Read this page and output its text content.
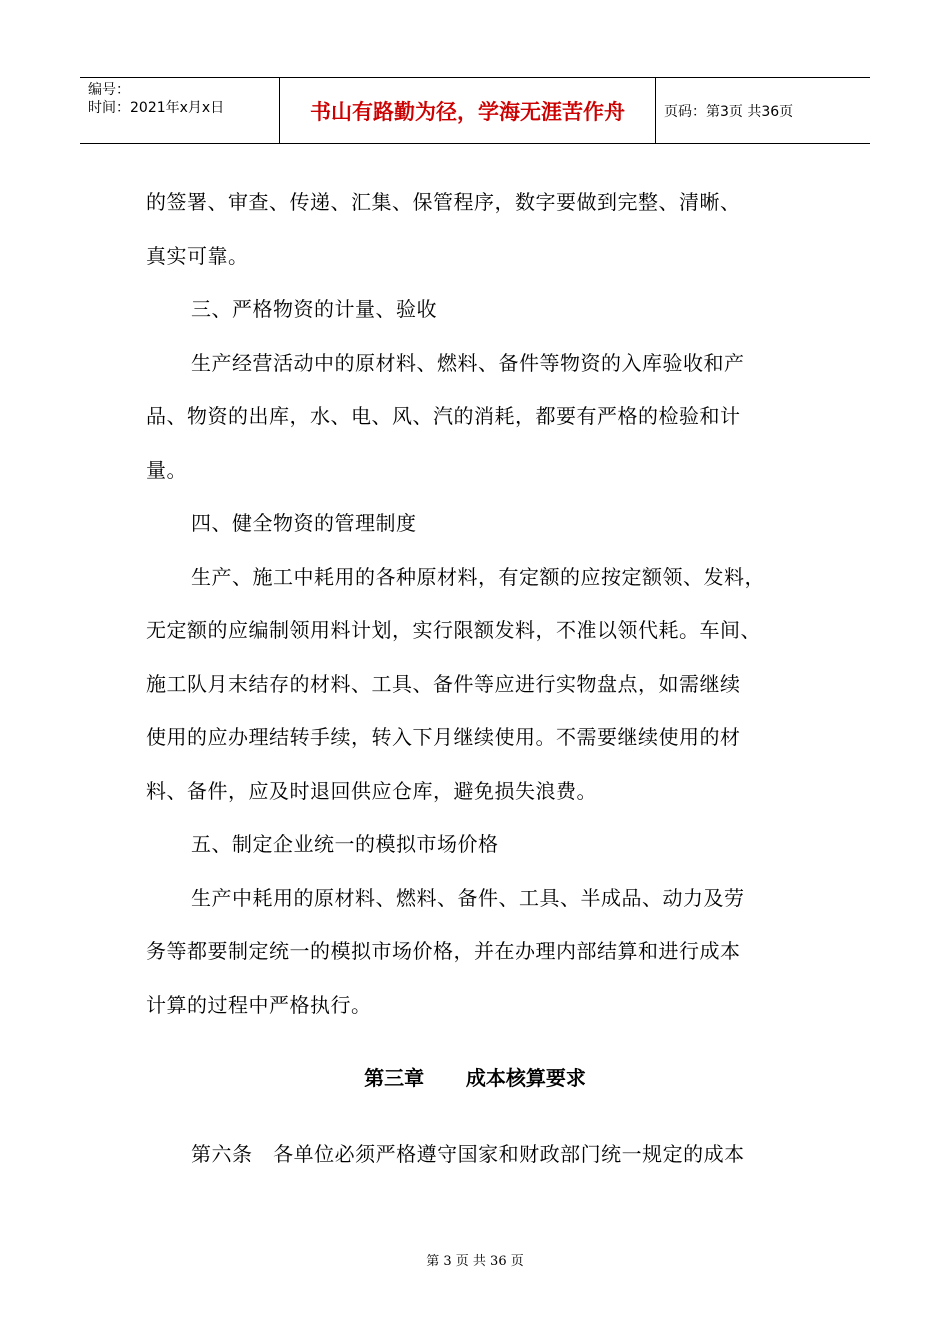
编号：
时间：2021年x月x日	书山有路勤为径，学海无涯苦作舟	页码：第3页 共36页
的签署、审查、传递、汇集、保管程序，数字要做到完整、清晰、
真实可靠。
三、严格物资的计量、验收
生产经营活动中的原材料、燃料、备件等物资的入库验收和产
品、物资的出库，水、电、风、汽的消耗，都要有严格的检验和计
量。
四、健全物资的管理制度
生产、施工中耗用的各种原材料，有定额的应按定额领、发料，
无定额的应编制领用料计划，实行限额发料，不准以领代耗。车间、
施工队月末结存的材料、工具、备件等应进行实物盘点，如需继续
使用的应办理结转手续，转入下月继续使用。不需要继续使用的材
料、备件，应及时退回供应仓库，避免损失浪费。
五、制定企业统一的模拟市场价格
生产中耗用的原材料、燃料、备件、工具、半成品、动力及劳
务等都要制定统一的模拟市场价格，并在办理内部结算和进行成本
计算的过程中严格执行。
第三章      成本核算要求
第六条   各单位必须严格遵守国家和财政部门统一规定的成本
第 3 页 共 36 页
